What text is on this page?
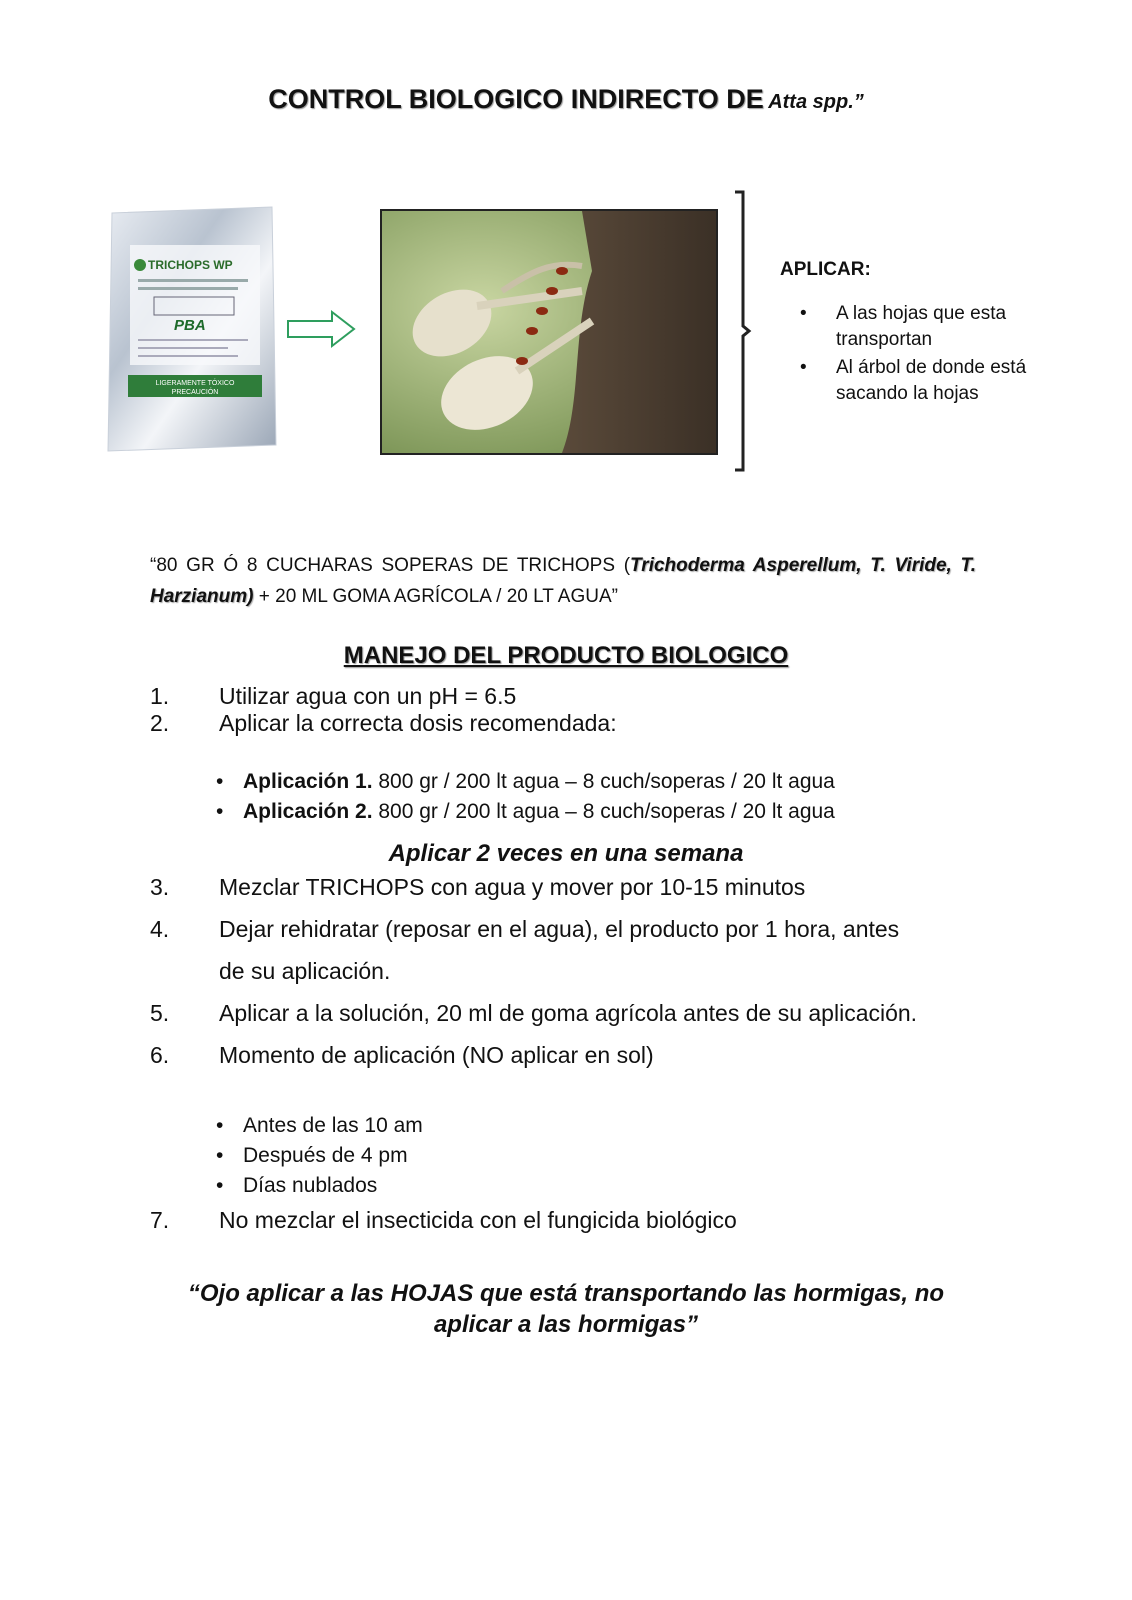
CONTROL BIOLOGICO INDIRECTO DE Atta spp.”
TRICHOPS WP
PBA
LIGERAMENTE TÓXICO
PRECAUCIÓN
APLICAR:
• A las hojas que esta transportan
• Al árbol de donde está sacando la hojas
“80 GR Ó 8 CUCHARAS SOPERAS DE TRICHOPS (Trichoderma Asperellum, T. Viride, T. Harzianum) + 20 ML GOMA AGRÍCOLA / 20 LT AGUA”
MANEJO DEL PRODUCTO BIOLOGICO
1.	Utilizar agua con un pH = 6.5
2.	Aplicar la correcta dosis recomendada:
• Aplicación 1. 800 gr / 200 lt agua – 8 cuch/soperas / 20 lt agua
• Aplicación 2. 800 gr / 200 lt agua – 8 cuch/soperas / 20 lt agua
Aplicar 2 veces en una semana
3.	Mezclar TRICHOPS con agua y mover por 10-15 minutos
4.	Dejar rehidratar (reposar en el agua), el producto por 1 hora, antes
de su aplicación.
5.	Aplicar a la solución, 20 ml de goma agrícola antes de su aplicación.
6.	Momento de aplicación (NO aplicar en sol)
• Antes de las 10 am
• Después de 4 pm
• Días nublados
7.	No mezclar el insecticida con el fungicida biológico
“Ojo aplicar a las HOJAS que está transportando las hormigas, no
aplicar a las hormigas”
